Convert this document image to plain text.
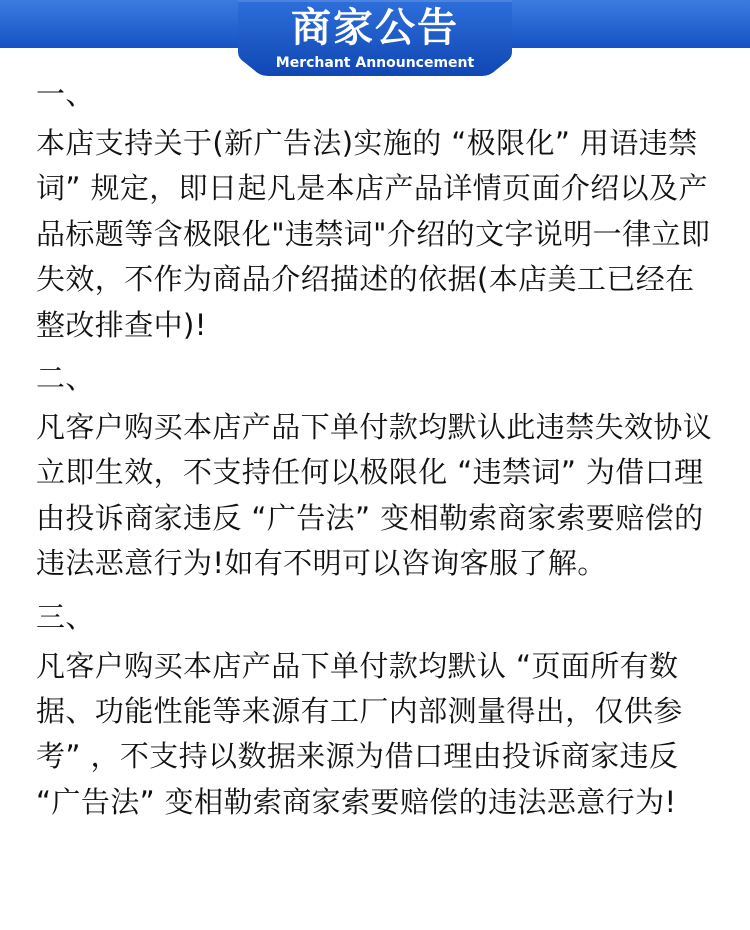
商家公告
Merchant Announcement

一、

本店支持关于(新广告法)实施的 “极限化” 用语违禁词” 规定，即日起凡是本店产品详情页面介绍以及产品标题等含极限化"违禁词"介绍的文字说明一律立即失效，不作为商品介绍描述的依据(本店美工已经在整改排查中)!

二、

凡客户购买本店产品下单付款均默认此违禁失效协议立即生效，不支持任何以极限化 “违禁词” 为借口理由投诉商家违反 “广告法” 变相勒索商家索要赔偿的违法恶意行为!如有不明可以咨询客服了解。

三、

凡客户购买本店产品下单付款均默认 “页面所有数据、功能性能等来源有工厂内部测量得出，仅供参考” ，不支持以数据来源为借口理由投诉商家违反 “广告法” 变相勒索商家索要赔偿的违法恶意行为!
